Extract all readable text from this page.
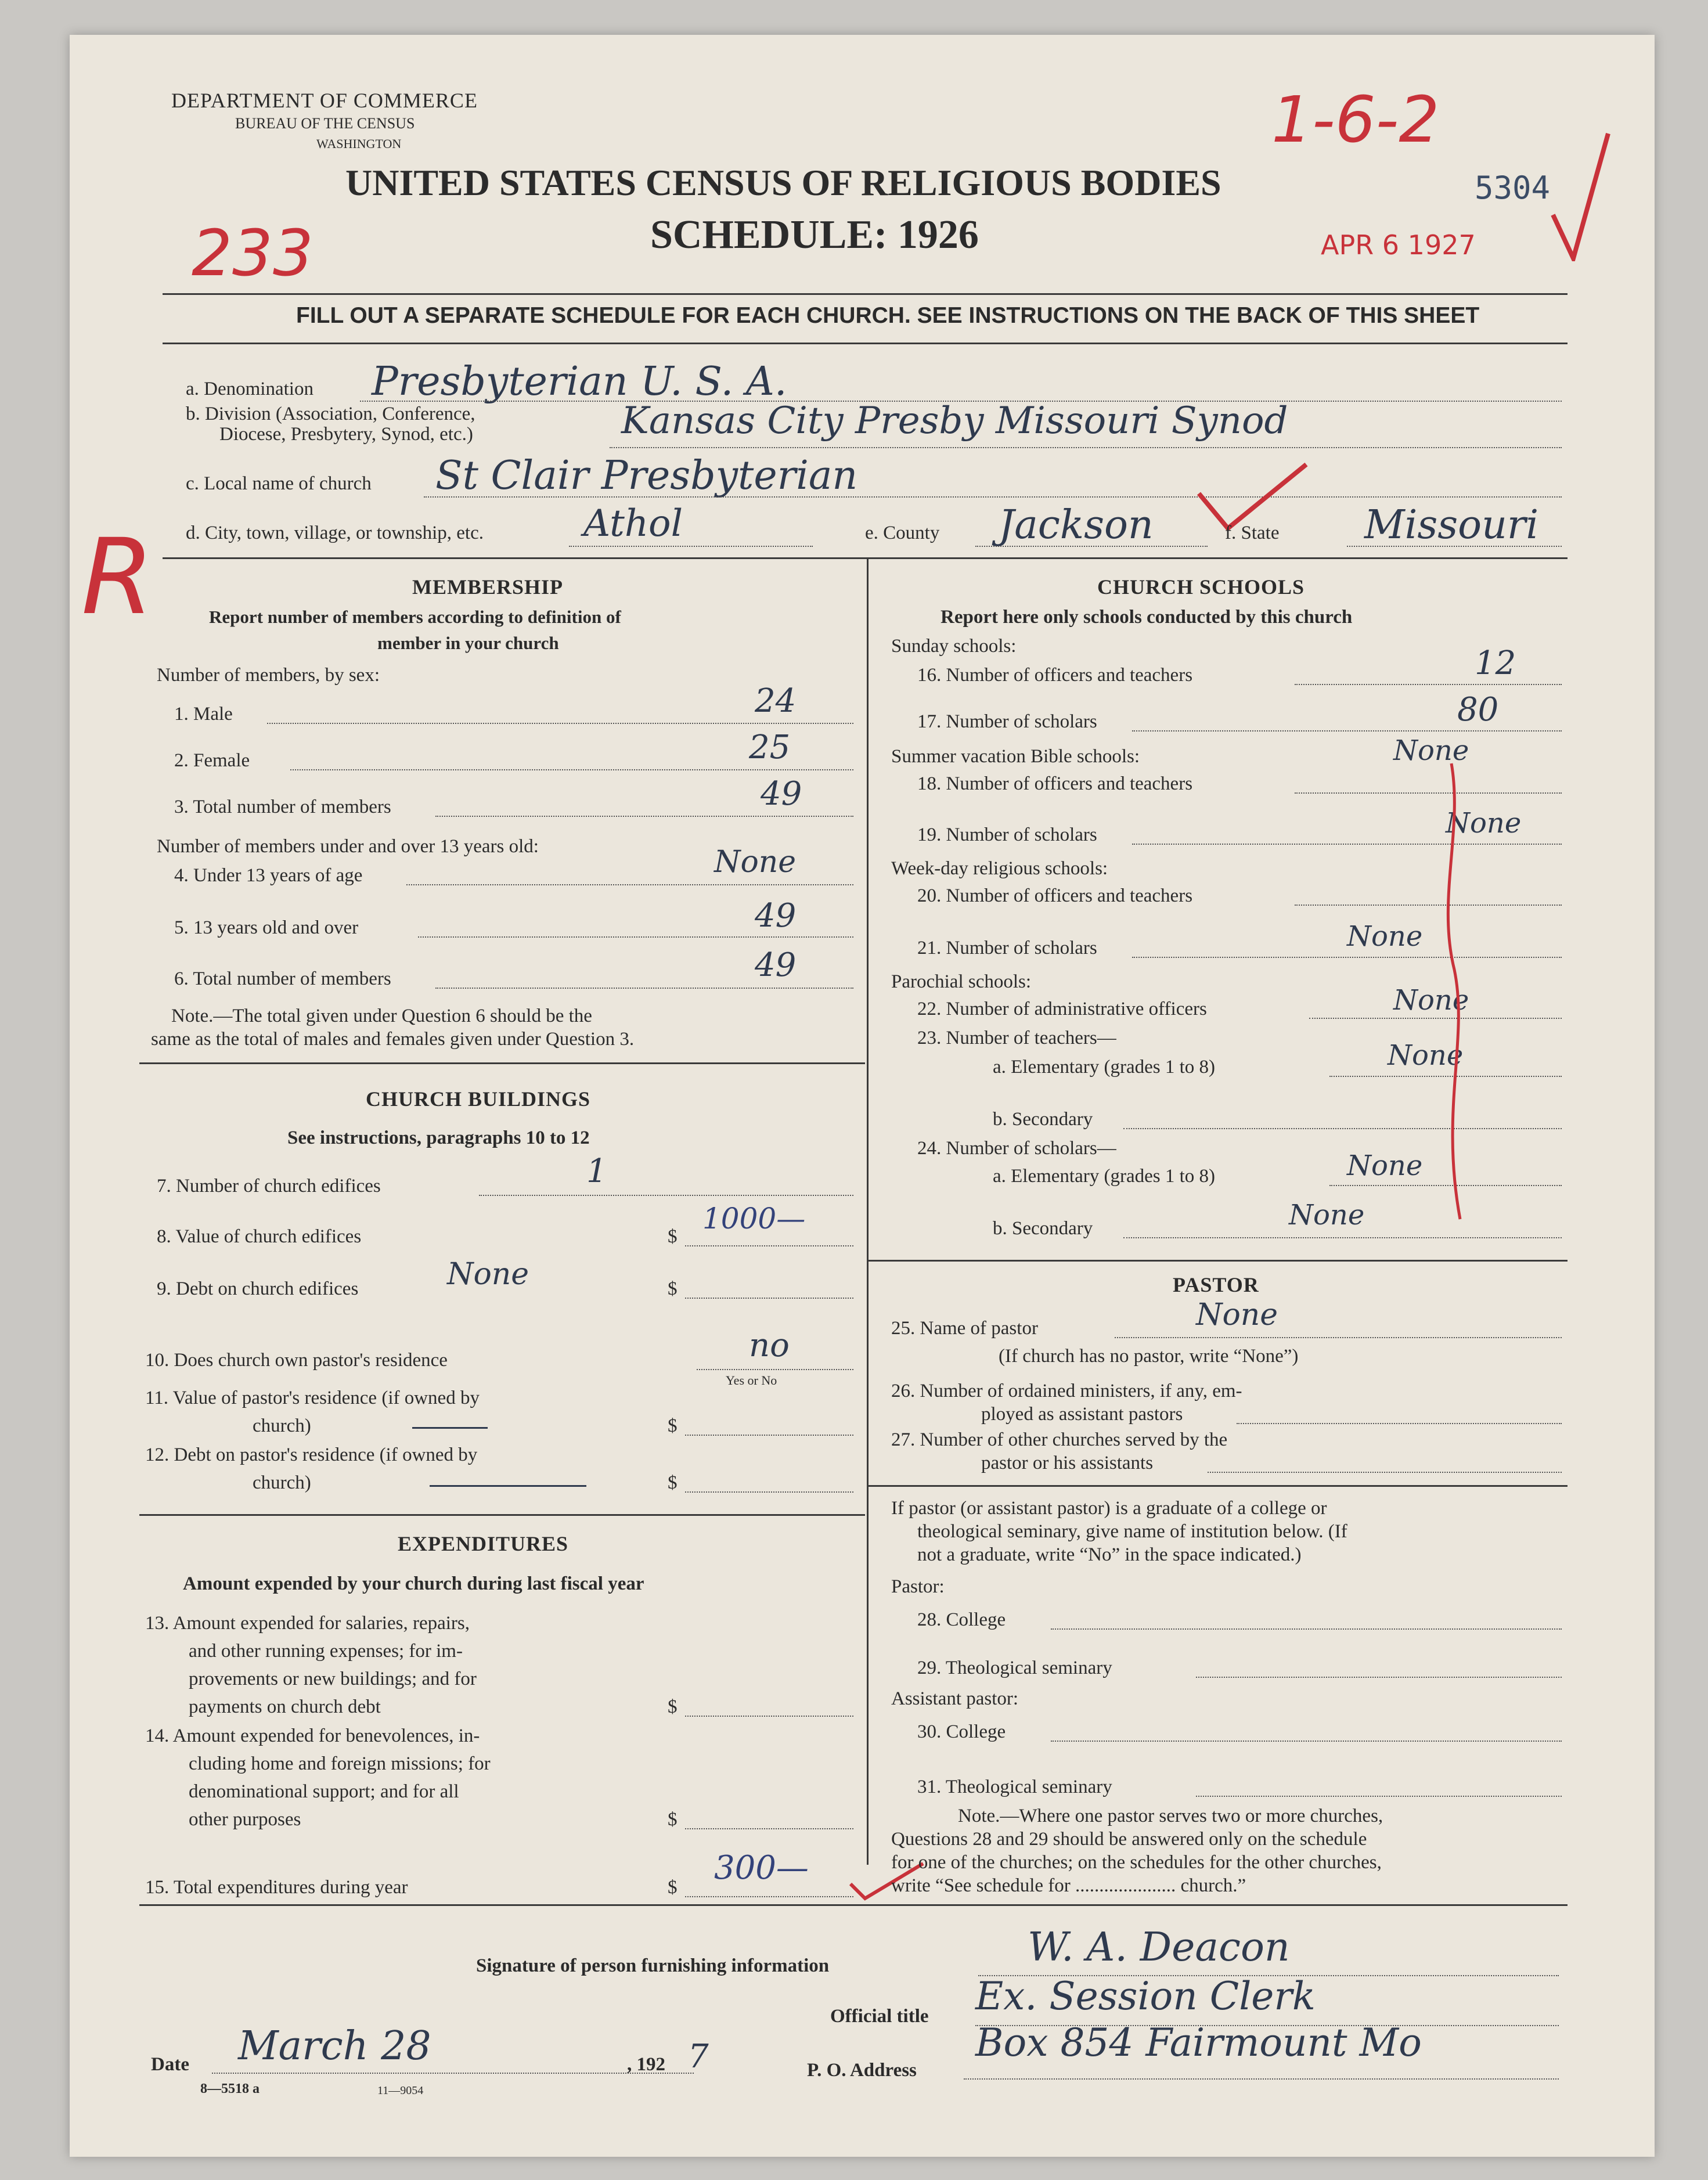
DEPARTMENT OF COMMERCE
BUREAU OF THE CENSUS
WASHINGTON
UNITED STATES CENSUS OF RELIGIOUS BODIES
SCHEDULE: 1926
5304
1-6-2
233	APR 6 1927
R
FILL OUT A SEPARATE SCHEDULE FOR EACH CHURCH. SEE INSTRUCTIONS ON THE BACK OF THIS SHEET
a. Denomination Presbyterian U. S. A.
b. Division (Association, Conference,
Diocese, Presbytery, Synod, etc.)	Kansas City Presby Missouri Synod
c. Local name of church St Clair Presbyterian
d. City, town, village, or township, etc.	Athol	e. County Jackson	f. State Missouri
MEMBERSHIP
Report number of members according to definition of
member in your church
Number of members, by sex:
1. Male	24
2. Female	25
3. Total number of members	49
Number of members under and over 13 years old:
4. Under 13 years of age	None
5. 13 years old and over	49
6. Total number of members	49
Note.—The total given under Question 6 should be the
same as the total of males and females given under Question 3.
CHURCH BUILDINGS
See instructions, paragraphs 10 to 12
7. Number of church edifices	1
8. Value of church edifices	$
1000—
9. Debt on church edifices	$
None
10. Does church own pastor's residence	no
Yes or No
11. Value of pastor's residence (if owned by
church)	$
12. Debt on pastor's residence (if owned by
church)	$
EXPENDITURES
Amount expended by your church during last fiscal year
13. Amount expended for salaries, repairs,
and other running expenses; for im-
provements or new buildings; and for
payments on church debt	$
14. Amount expended for benevolences, in-
cluding home and foreign missions; for
denominational support; and for all
other purposes	$
15. Total expenditures during year	$
300—
CHURCH SCHOOLS
Report here only schools conducted by this church
Sunday schools:
16. Number of officers and teachers	12
17. Number of scholars	80
Summer vacation Bible schools:	None
18. Number of officers and teachers
19. Number of scholars	None
Week-day religious schools:
20. Number of officers and teachers
21. Number of scholars	None
Parochial schools:
22. Number of administrative officers	None
23. Number of teachers—
a. Elementary (grades 1 to 8)	None
b. Secondary
24. Number of scholars—
a. Elementary (grades 1 to 8)	None
b. Secondary	None
PASTOR
25. Name of pastor	None
(If church has no pastor, write “None”)
26. Number of ordained ministers, if any, em-
ployed as assistant pastors
27. Number of other churches served by the
pastor or his assistants
If pastor (or assistant pastor) is a graduate of a college or
theological seminary, give name of institution below. (If
not a graduate, write “No” in the space indicated.)
Pastor:
28. College
29. Theological seminary
Assistant pastor:
30. College
31. Theological seminary
Note.—Where one pastor serves two or more churches,
Questions 28 and 29 should be answered only on the schedule
for one of the churches; on the schedules for the other churches,
write “See schedule for ..................... church.”
Signature of person furnishing information	W. A. Deacon
Official title Ex. Session Clerk
Date March 28	, 192 7	P. O. Address
Box 854 Fairmount Mo
8—5518 a	11—9054
